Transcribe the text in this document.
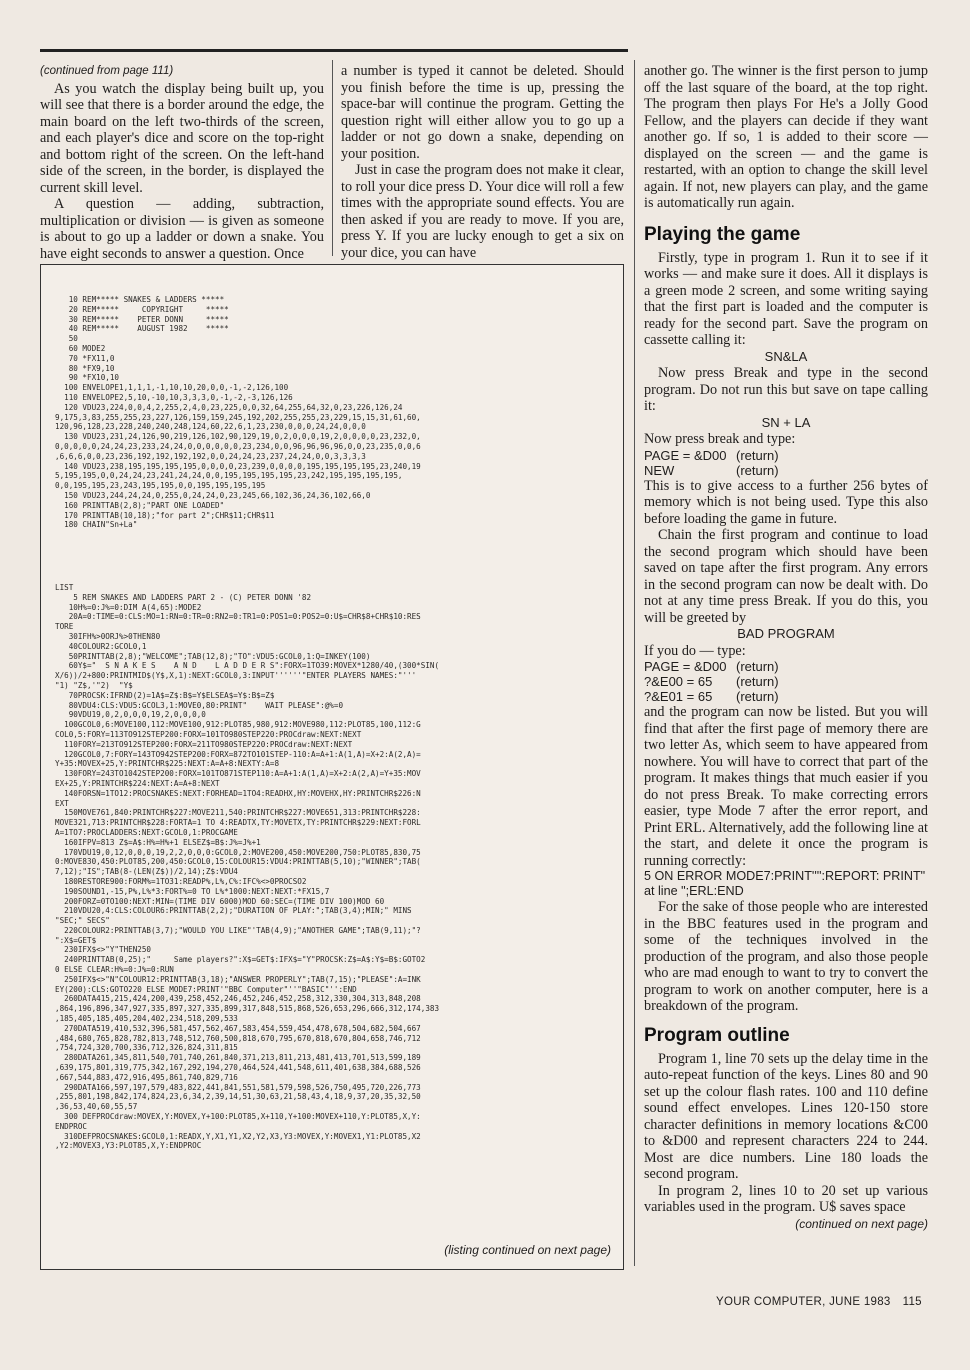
(continued from page 111)

As you watch the display being built up, you will see that there is a border around the edge, the main board on the left two-thirds of the screen, and each player's dice and score on the top-right and bottom right of the screen. On the left-hand side of the screen, in the border, is displayed the current skill level.

A question — adding, subtraction, multiplication or division — is given as someone is about to go up a ladder or down a snake. You have eight seconds to answer a question. Once

a number is typed it cannot be deleted. Should you finish before the time is up, pressing the space-bar will continue the program. Getting the question right will either allow you to go up a ladder or not go down a snake, depending on your position.

Just in case the program does not make it clear, to roll your dice press D. Your dice will roll a few times with the appropriate sound effects. You are then asked if you are ready to move. If you are, press Y. If you are lucky enough to get a six on your dice, you can have

10 REM***** SNAKES & LADDERS *****
20 REM*****     COPYRIGHT     *****
30 REM*****    PETER DONN     *****
40 REM*****    AUGUST 1982    *****
50
60 MODE2
70 *FX11,0
80 *FX9,10
90 *FX10,10
100 ENVELOPE1,1,1,1,-1,10,10,20,0,0,-1,-2,126,100
110 ENVELOPE2,5,10,-10,10,3,3,3,0,-1,-2,-3,126,126
120 VDU23,224,0,0,4,2,255,2,4,0,23,225,0,0,32,64,255,64,32,0,23,226,126,24
9,175,3,83,255,255,23,227,126,159,159,245,192,202,255,255,23,229,15,15,31,61,60,
120,96,128,23,228,240,240,248,124,60,22,6,1,23,230,0,0,0,24,24,0,0,0
130 VDU23,231,24,126,90,219,126,102,90,129,19,0,2,0,0,0,19,2,0,0,0,0,23,232,0,
0,0,0,0,0,24,24,23,233,24,24,0,0,0,0,0,0,23,234,0,0,96,96,96,96,0,0,23,235,0,0,6
,6,6,6,0,0,23,236,192,192,192,192,0,0,24,24,23,237,24,24,0,0,3,3,3,3
140 VDU23,238,195,195,195,195,0,0,0,0,23,239,0,0,0,0,195,195,195,195,23,240,19
5,195,195,0,0,24,24,23,241,24,24,0,0,195,195,195,195,23,242,195,195,195,195,
0,0,195,195,23,243,195,195,0,0,195,195,195,195
150 VDU23,244,24,24,0,255,0,24,24,0,23,245,66,102,36,24,36,102,66,0
160 PRINTTAB(2,8);"PART ONE LOADED"
170 PRINTTAB(10,18);"for part 2";CHR$11;CHR$11
180 CHAIN"Sn+La"
LIST
5 REM SNAKES AND LADDERS PART 2 - (C) PETER DONN '82
10H%=0:J%=0:DIM A(4,65):MODE2
20A=0:TIME=0:CLS:MO=1:RN=0:TR=0:RN2=0:TR1=0:POS1=0:POS2=0:U$=CHR$8+CHR$10:RES
TORE
30IFH%>0ORJ%>0THEN80
40COLOUR2:GCOL0,1
50PRINTTAB(2,8);"WELCOME";TAB(12,8);"TO":VDU5:GCOL0,1:Q=INKEY(100)
60Y$="  S N A K E S    A N D    L A D D E R S":FORX=1TO39:MOVEX*1280/40,(300*SIN(
X/6))/2+800:PRINTMID$(Y$,X,1):NEXT:GCOL0,3:INPUT''''''"ENTER PLAYERS NAMES:"'''
"1) "Z$,'"2)  "Y$
70PROCSK:IFRND(2)=1A$=Z$:B$=Y$ELSEA$=Y$:B$=Z$
80VDU4:CLS:VDU5:GCOL3,1:MOVE0,80:PRINT"    WAIT PLEASE":@%=0
90VDU19,0,2,0,0,0,19,2,0,0,0,0
100GCOL0,6:MOVE100,112:MOVE100,912:PLOT85,980,912:MOVE980,112:PLOT85,100,112:G
COL0,5:FORY=113TO912STEP200:FORX=101TO980STEP220:PROCdraw:NEXT:NEXT
110FORY=213TO912STEP200:FORX=211TO980STEP220:PROCdraw:NEXT:NEXT
120GCOL0,7:FORY=143TO942STEP200:FORX=872TO101STEP-110:A=A+1:A(1,A)=X+2:A(2,A)=
Y+35:MOVEX+25,Y:PRINTCHR$225:NEXT:A=A+8:NEXTY:A=8
130FORY=243TO1042STEP200:FORX=101TO871STEP110:A=A+1:A(1,A)=X+2:A(2,A)=Y+35:MOV
EX+25,Y:PRINTCHR$224:NEXT:A=A+8:NEXT
140FORSN=1TO12:PROCSNAKES:NEXT:FORHEAD=1TO4:READHX,HY:MOVEHX,HY:PRINTCHR$226:N
EXT
150MOVE761,840:PRINTCHR$227:MOVE211,540:PRINTCHR$227:MOVE651,313:PRINTCHR$228:
MOVE321,713:PRINTCHR$228:FORTA=1 TO 4:READTX,TY:MOVETX,TY:PRINTCHR$229:NEXT:FORL
A=1TO7:PROCLADDERS:NEXT:GCOL0,1:PROCGAME
160IFPV=813 Z$=A$:H%=H%+1 ELSEZ$=B$:J%=J%+1
170VDU19,0,12,0,0,0,19,2,2,0,0,0:GCOL0,2:MOVE200,450:MOVE200,750:PLOT85,830,75
0:MOVE830,450:PLOT85,200,450:GCOL0,15:COLOUR15:VDU4:PRINTTAB(5,10);"WINNER";TAB(
7,12);"IS";TAB(8-(LEN(Z$))/2,14);Z$:VDU4
180RESTORE900:FORM%=1TO31:READP%,L%,C%:IFC%<>0PROCSO2
190SOUND1,-15,P%,L%*3:FORT%=0 TO L%*1000:NEXT:NEXT:*FX15,7
200FORZ=0TO100:NEXT:MIN=(TIME DIV 6000)MOD 60:SEC=(TIME DIV 100)MOD 60
210VDU20,4:CLS:COLOUR6:PRINTTAB(2,2);"DURATION OF PLAY:";TAB(3,4);MIN;" MINS
"SEC;" SECS"
220COLOUR2:PRINTTAB(3,7);"WOULD YOU LIKE"'TAB(4,9);"ANOTHER GAME";TAB(9,11);"?
":X$=GET$
230IFX$<>"Y"THEN250
240PRINTTAB(0,25);"     Same players?":X$=GET$:IFX$="Y"PROCSK:Z$=A$:Y$=B$:GOTO2
0 ELSE CLEAR:H%=0:J%=0:RUN
250IFX$<>"N"COLOUR12:PRINTTAB(3,18);"ANSWER PROPERLY";TAB(7,15);"PLEASE":A=INK
EY(200):CLS:GOTO220 ELSE MODE7:PRINT'"BBC Computer"''"BASIC"'':END
260DATA415,215,424,200,439,258,452,246,452,246,452,258,312,330,304,313,848,208
,864,196,896,347,927,335,897,327,335,899,317,848,515,868,526,653,296,666,312,174,383
,185,405,185,405,204,402,234,518,209,533
270DATA519,410,532,396,581,457,562,467,583,454,559,454,478,678,504,682,504,667
,484,680,765,828,782,813,748,512,760,500,818,670,795,670,818,670,804,658,746,712
,754,724,320,700,336,712,326,824,311,815
280DATA261,345,811,540,701,740,261,840,371,213,811,213,481,413,701,513,599,189
,639,175,801,319,775,342,167,292,194,270,464,524,441,548,611,401,638,384,688,526
,667,544,883,472,916,495,861,740,829,716
290DATA166,597,197,579,483,822,441,841,551,581,579,598,526,750,495,720,226,773
,255,801,198,842,174,824,23,6,34,2,39,14,51,30,63,21,58,43,4,18,9,37,20,35,32,50
,36,53,40,60,55,57
300 DEFPROCdraw:MOVEX,Y:MOVEX,Y+100:PLOT85,X+110,Y+100:MOVEX+110,Y:PLOT85,X,Y:
ENDPROC
310DEFPROCSNAKES:GCOL0,1:READX,Y,X1,Y1,X2,Y2,X3,Y3:MOVEX,Y:MOVEX1,Y1:PLOT85,X2
,Y2:MOVEX3,Y3:PLOT85,X,Y:ENDPROC
(listing continued on next page)

another go. The winner is the first person to jump off the last square of the board, at the top right. The program then plays For He's a Jolly Good Fellow, and the players can decide if they want another go. If so, 1 is added to their score — displayed on the screen — and the game is restarted, with an option to change the skill level again. If not, new players can play, and the game is automatically run again.

Playing the game

Firstly, type in program 1. Run it to see if it works — and make sure it does. All it displays is a green mode 2 screen, and some writing saying that the first part is loaded and the computer is ready for the second part. Save the program on cassette calling it:

SN&LA

Now press Break and type in the second program. Do not run this but save on tape calling it:

SN + LA

Now press break and type:

PAGE = &D00 (return)
NEW	(return)

This is to give access to a further 256 bytes of memory which is not being used. Type this also before loading the game in future.

Chain the first program and continue to load the second program which should have been saved on tape after the first program. Any errors in the second program can now be dealt with. Do not at any time press Break. If you do this, you will be greeted by

BAD PROGRAM

If you do — type:

PAGE = &D00 (return)
?&E00 = 65 (return)
?&E01 = 65 (return)

and the program can now be listed. But you will find that after the first page of memory there are two letter As, which seem to have appeared from nowhere. You will have to correct that part of the program. It makes things that much easier if you do not press Break. To make correcting errors easier, type Mode 7 after the error report, and Print ERL. Alternatively, add the following line at the start, and delete it once the program is running correctly:

5 ON ERROR MODE7:PRINT'''':REPORT: PRINT" at line ";ERL:END

For the sake of those people who are interested in the BBC features used in the program and some of the techniques involved in the production of the program, and also those people who are mad enough to want to try to convert the program to work on another computer, here is a breakdown of the program.

Program outline

Program 1, line 70 sets up the delay time in the auto-repeat function of the keys. Lines 80 and 90 set up the colour flash rates. 100 and 110 define sound effect envelopes. Lines 120-150 store character definitions in memory locations &C00 to &D00 and represent characters 224 to 244. Most are dice numbers. Line 180 loads the second program.

In program 2, lines 10 to 20 set up various variables used in the program. U$ saves space

(continued on next page)
YOUR COMPUTER, JUNE 1983 115
